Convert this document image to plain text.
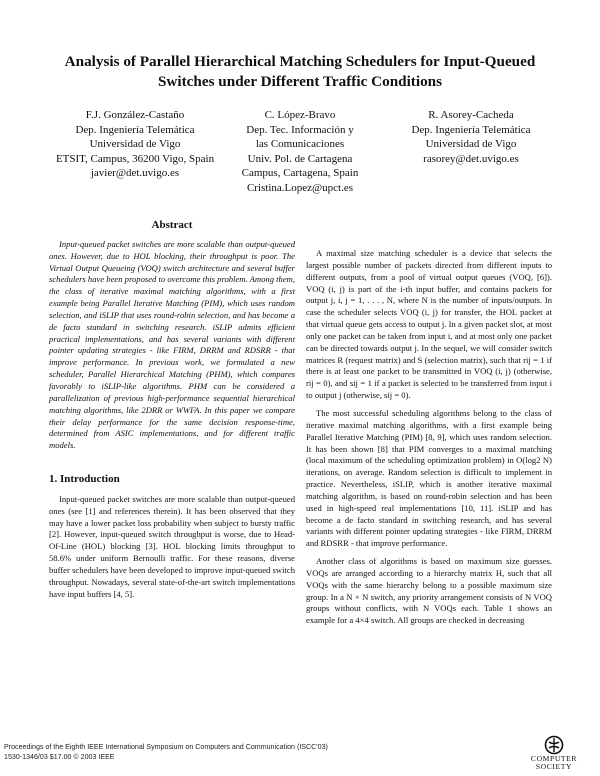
Analysis of Parallel Hierarchical Matching Schedulers for Input-Queued
Switches under Different Traffic Conditions
F.J. González-Castaño
Dep. Ingeniería Telemática
Universidad de Vigo
ETSIT, Campus, 36200 Vigo, Spain
javier@det.uvigo.es
C. López-Bravo
Dep. Tec. Información y
las Comunicaciones
Univ. Pol. de Cartagena
Campus, Cartagena, Spain
Cristina.Lopez@upct.es
R. Asorey-Cacheda
Dep. Ingeniería Telemática
Universidad de Vigo
rasorey@det.uvigo.es
Abstract

Input-queued packet switches are more scalable than output-queued ones. However, due to HOL blocking, their throughput is poor. The Virtual Output Queueing (VOQ) switch architecture and several buffer schedulers have been proposed to overcome this problem. Among them, the class of iterative maximal matching algorithms, with a first example being Parallel Iterative Matching (PIM), which uses random selection, and iSLIP that uses round-robin selection, and has become a de facto standard in switching research. iSLIP admits efficient practical implementations, and has several variants with different pointer updating strategies - like FIRM, DRRM and RDSRR - that improve performance. In previous work, we formulated a new scheduler, Parallel Hierarchical Matching (PHM), which compares favorably to iSLIP-like algorithms. PHM can be considered a parallelization of previous high-performance sequential hierarchical matching algorithms, like 2DRR or WWFA. In this paper we compare their delay performance for the same decision response-time, determined from ASIC implementations, and for different traffic models.

1. Introduction

Input-queued packet switches are more scalable than output-queued ones (see [1] and references therein). It has been observed that they may have a lower packet loss probability when subject to bursty traffic [2]. However, input-queued switch throughput is worse, due to Head-Of-Line (HOL) blocking [3]. HOL blocking limits throughput to 58.6% under uniform Bernoulli traffic. For these reasons, diverse buffer schedulers have been developed to improve input-queued switch throughput. Nowadays, several state-of-the-art switch implementations have input buffers [4, 5].

A maximal size matching scheduler is a device that selects the largest possible number of packets directed from different inputs to different outputs, from a pool of virtual output queues (VOQ, [6]). VOQ (i, j) is part of the i-th input buffer, and contains packets for output j, i, j = 1, . . . , N, where N is the number of inputs/outputs. In case the scheduler selects VOQ (i, j) for transfer, the HOL packet at that virtual queue gets access to output j. In a given packet slot, at most only one packet can be taken from input i, and at most only one packet can be directed towards output j. In the sequel, we will consider switch matrices R (request matrix) and S (selection matrix), such that rij = 1 if there is at least one packet to be transmitted in VOQ (i, j) (otherwise, rij = 0), and sij = 1 if a packet is selected to be transferred from input i to output j (otherwise, sij = 0).

The most successful scheduling algorithms belong to the class of iterative maximal matching algorithms, with a first example being Parallel Iterative Matching (PIM) [8, 9], which uses random selection. It has been shown [8] that PIM converges to a maximal matching (local maximum of the scheduling optimization problem) in O(log2 N) iterations, on average. Random selection is difficult to implement in practice. Nevertheless, iSLIP, which is another iterative maximal matching algorithm, is based on round-robin selection and has been used in high-speed real implementations [10, 11]. iSLIP and has become a de facto standard in switching research, and has several variants with different pointer updating strategies - like FIRM, DRRM and RDSRR - that improve performance.

Another class of algorithms is based on maximum size guesses. VOQs are arranged according to a hierarchy matrix H, such that all VOQs with the same hierarchy belong to a possible maximum size group. In a N × N switch, any priority arrangement consists of N VOQ groups without conflicts, with N VOQs each. Table 1 shows an example for a 4×4 switch. All groups are checked in decreasing

Proceedings of the Eighth IEEE International Symposium on Computers and Communication (ISCC'03)
1530-1346/03 $17.00 © 2003 IEEE	COMPUTER
SOCIETY
